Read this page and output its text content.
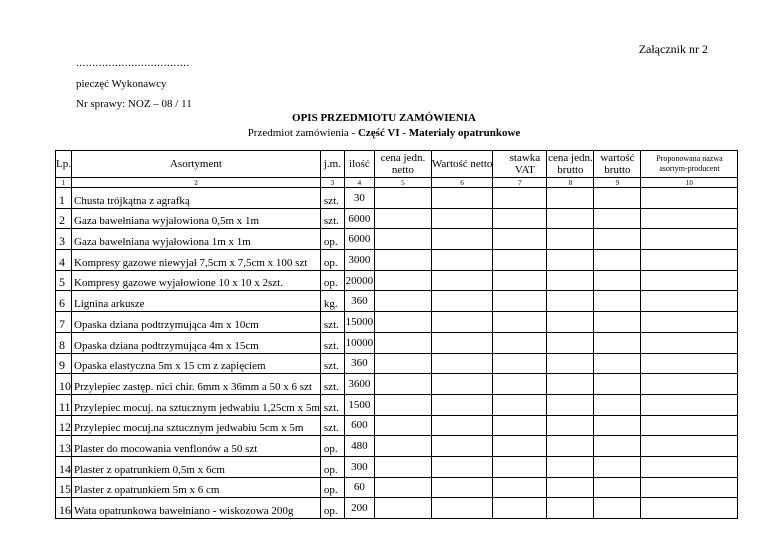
Załącznik nr 2
...................................
pieczęć Wykonawcy
Nr sprawy: NOZ – 08 / 11
OPIS PRZEDMIOTU ZAMÓWIENIA
Przedmiot zamówienia - Część VI - Materiały opatrunkowe
Lp.	Asortyment	j.m.	ilość	cena jedn. netto	Wartość netto	stawka VAT	cena jedn. brutto	wartość brutto	Proponowana nazwa asortym-producent
1	2	3	4	5	6	7	8	9	10
1	Chusta trójkątna z agrafką	szt.	30						
2	Gaza bawełniana wyjałowiona 0,5m x 1m	szt.	6000						
3	Gaza bawełniana wyjałowiona 1m x 1m	op.	6000						
4	Kompresy gazowe niewyjał 7,5cm x 7,5cm x 100 szt	op.	3000						
5	Kompresy gazowe wyjałowione 10 x 10 x 2szt.	op.	20000						
6	Lignina arkusze	kg.	360						
7	Opaska dziana podtrzymująca 4m x 10cm	szt.	15000						
8	Opaska dziana podtrzymująca 4m x 15cm	szt.	10000						
9	Opaska elastyczna 5m x 15 cm z zapięciem	szt.	360						
10	Przylepiec zastęp. nici chir. 6mm x 36mm a 50 x 6 szt	szt.	3600						
11	Przylepiec mocuj. na sztucznym jedwabiu 1,25cm x 5m	szt.	1500						
12	Przylepiec mocuj.na sztucznym jedwabiu 5cm x 5m	szt.	600						
13	Plaster do mocowania venflonów a 50 szt	op.	480						
14	Plaster z opatrunkiem 0,5m x 6cm	op.	300						
15	Plaster z opatrunkiem 5m x 6 cm	op.	60						
16	Wata opatrunkowa bawełniano - wiskozowa 200g	op.	200						
